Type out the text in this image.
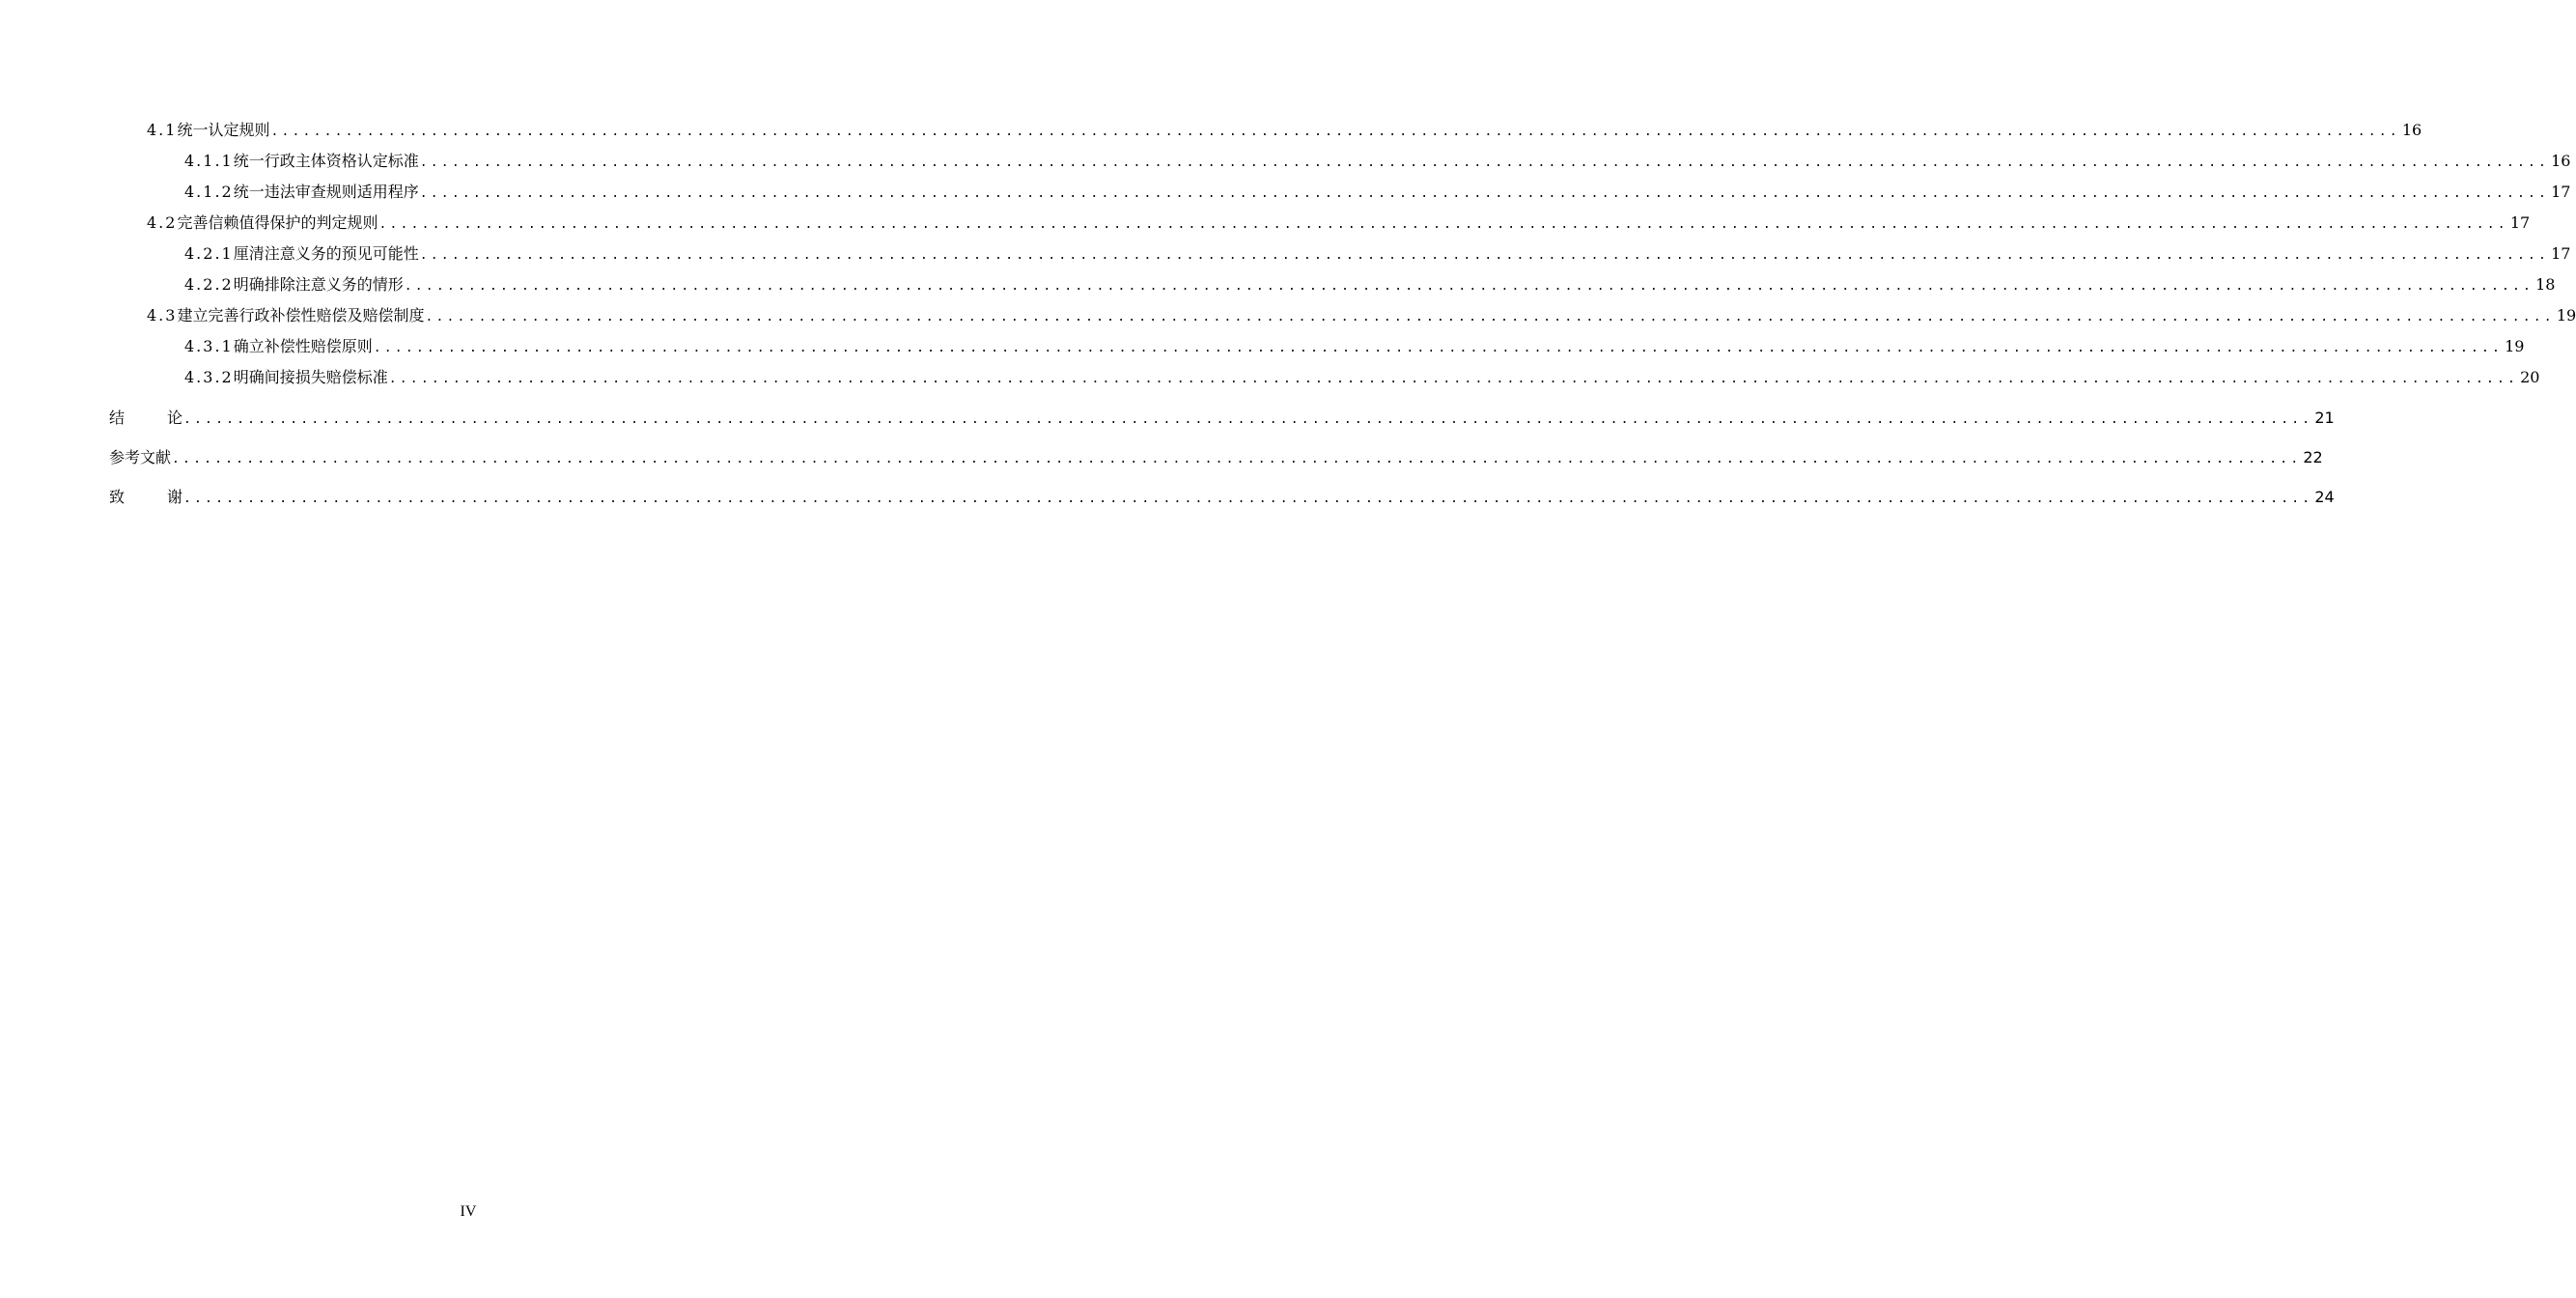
4.1 统一认定规则 ........................................................................................................................................................................................................ 16
4.1.1 统一行政主体资格认定标准 ........................................................................................................................................................................................................ 16
4.1.2 统一违法审查规则适用程序 ........................................................................................................................................................................................................ 17
4.2 完善信赖值得保护的判定规则 ........................................................................................................................................................................................................ 17
4.2.1 厘清注意义务的预见可能性 ........................................................................................................................................................................................................ 17
4.2.2 明确排除注意义务的情形 ........................................................................................................................................................................................................ 18
4.3 建立完善行政补偿性赔偿及赔偿制度 ........................................................................................................................................................................................................ 19
4.3.1 确立补偿性赔偿原则 ........................................................................................................................................................................................................ 19
4.3.2 明确间接损失赔偿标准 ........................................................................................................................................................................................................ 20
结	论 ........................................................................................................................................................................................................ 21
参考文献 ........................................................................................................................................................................................................ 22
致	谢 ........................................................................................................................................................................................................ 24
IV
